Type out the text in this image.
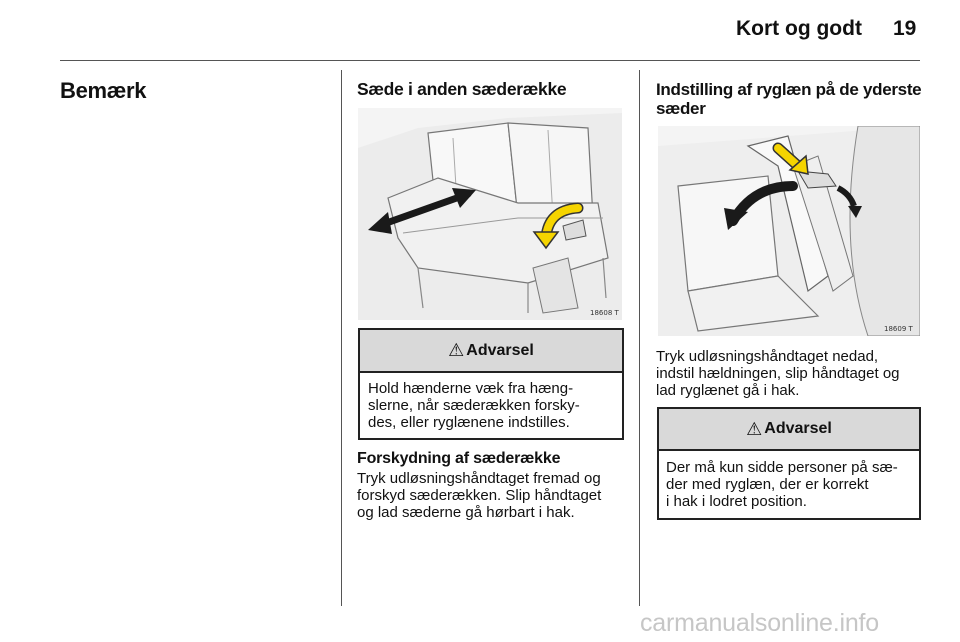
Kort og godt 19
Bemærk	Sæde i anden sæderække
18608 T
⚠ Advarsel
Hold hænderne væk fra hæng-
slerne, når sæderækken forsky-
des, eller ryglænene indstilles.
Forskydning af sæderække
Tryk udløsningshåndtaget fremad og
forskyd sæderækken. Slip håndtaget
og lad sæderne gå hørbart i hak.
Indstilling af ryglæn på de yderste
sæder
18609 T
Tryk udløsningshåndtaget nedad,
indstil hældningen, slip håndtaget og
lad ryglænet gå i hak.
⚠ Advarsel
Der må kun sidde personer på sæ-
der med ryglæn, der er korrekt
i hak i lodret position.
carmanualsonline.info
